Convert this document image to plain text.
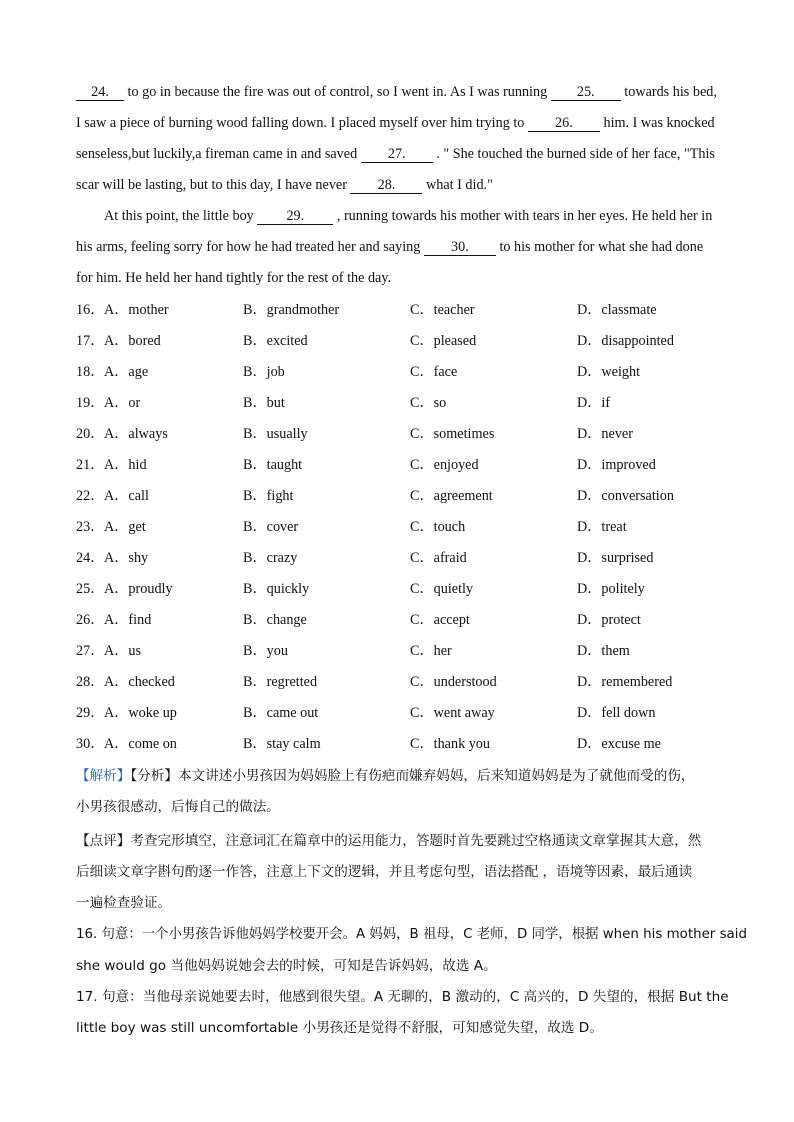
24. to go in because the fire was out of control, so I went in. As I was running 25. towards his bed,
I saw a piece of burning wood falling down. I placed myself over him trying to 26. him. I was knocked
senseless,but luckily,a fireman came in and saved 27. . " She touched the burned side of her face, "This
scar will be lasting, but to this day, I have never 28. what I did."
At this point, the little boy 29. , running towards his mother with tears in her eyes. He held her in
his arms, feeling sorry for how he had treated her and saying 30. to his mother for what she had done
for him. He held her hand tightly for the rest of the day.
16． A．mother	B．grandmother	C．teacher	D．classmate
17． A．bored	B．excited	C．pleased	D．disappointed
18． A．age	B．job	C．face	D．weight
19． A．or	B．but	C．so	D．if
20． A．always	B．usually	C．sometimes	D．never
21． A．hid	B．taught	C．enjoyed	D．improved
22． A．call	B．fight	C．agreement	D．conversation
23． A．get	B．cover	C．touch	D．treat
24． A．shy	B．crazy	C．afraid	D．surprised
25． A．proudly	B．quickly	C．quietly	D．politely
26． A．find	B．change	C．accept	D．protect
27． A．us	B．you	C．her	D．them
28． A．checked	B．regretted	C．understood	D．remembered
29． A．woke up	B．came out	C．went away	D．fell down
30． A．come on	B．stay calm	C．thank you	D．excuse me
【解析】【分析】本文讲述小男孩因为妈妈脸上有伤疤而嫌弃妈妈，后来知道妈妈是为了就他而受的伤，
小男孩很感动，后悔自己的做法。
【点评】考查完形填空，注意词汇在篇章中的运用能力，答题时首先要跳过空格通读文章掌握其大意，然
后细读文章字斟句酌逐一作答，注意上下文的逻辑，并且考虑句型，语法搭配 ，语境等因素，最后通读
一遍检查验证。
16. 句意：一个小男孩告诉他妈妈学校要开会。A 妈妈，B 祖母，C 老师，D 同学，根据 when his mother said
she would go 当他妈妈说她会去的时候，可知是告诉妈妈，故选 A。
17. 句意：当他母亲说她要去时，他感到很失望。A 无聊的，B 激动的，C 高兴的，D 失望的，根据 But the
little boy was still uncomfortable 小男孩还是觉得不舒服，可知感觉失望，故选 D。
